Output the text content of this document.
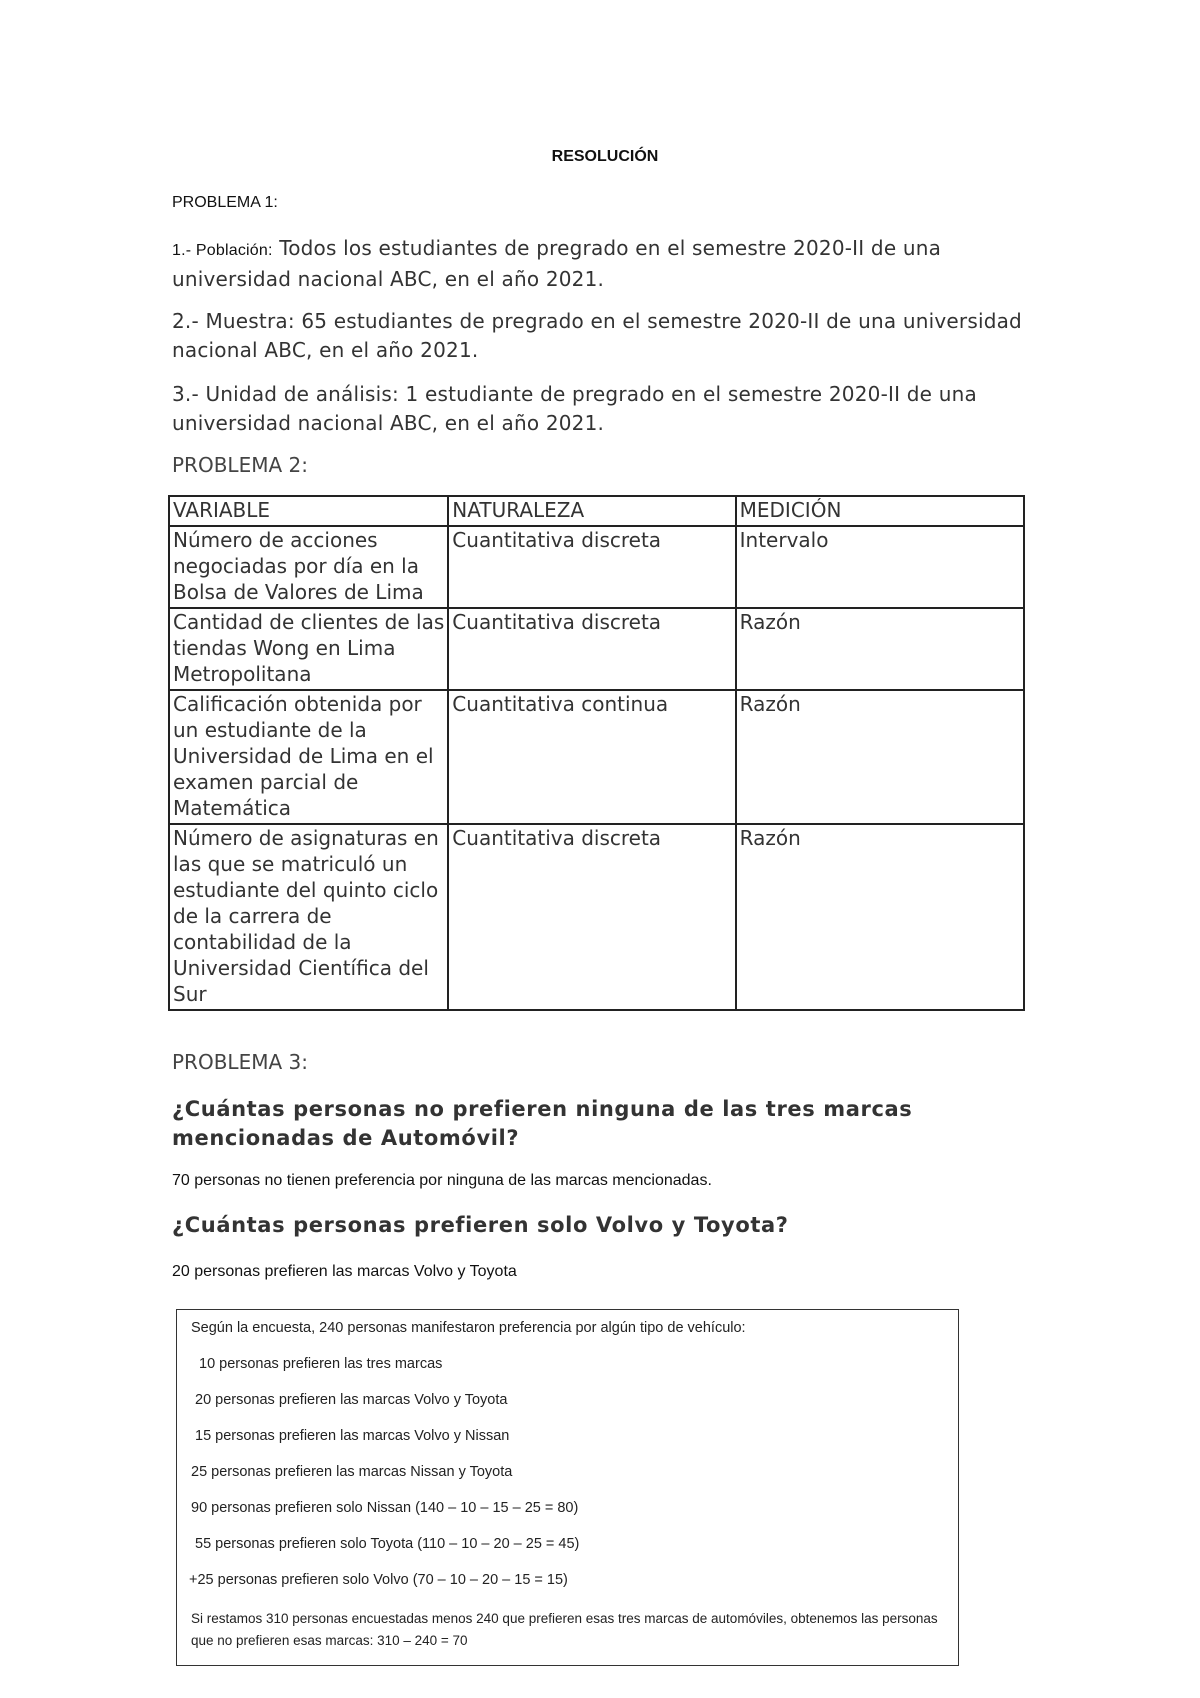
RESOLUCIÓN
PROBLEMA 1:
1.- Población: Todos los estudiantes de pregrado en el semestre 2020-II de una universidad nacional ABC, en el año 2021.
2.- Muestra: 65 estudiantes de pregrado en el semestre 2020-II de una universidad nacional ABC, en el año 2021.
3.- Unidad de análisis: 1 estudiante de pregrado en el semestre 2020-II de una universidad nacional ABC, en el año 2021.
PROBLEMA 2:
VARIABLE	NATURALEZA	MEDICIÓN
Número de acciones negociadas por día en la Bolsa de Valores de Lima	Cuantitativa discreta	Intervalo
Cantidad de clientes de las tiendas Wong en Lima Metropolitana	Cuantitativa discreta	Razón
Calificación obtenida por un estudiante de la Universidad de Lima en el examen parcial de Matemática	Cuantitativa continua	Razón
Número de asignaturas en las que se matriculó un estudiante del quinto ciclo de la carrera de contabilidad de la Universidad Científica del Sur	Cuantitativa discreta	Razón
PROBLEMA 3:
¿Cuántas personas no prefieren ninguna de las tres marcas mencionadas de Automóvil?
70 personas no tienen preferencia por ninguna de las marcas mencionadas.
¿Cuántas personas prefieren solo Volvo y Toyota?
20 personas prefieren las marcas Volvo y Toyota
Según la encuesta, 240 personas manifestaron preferencia por algún tipo de vehículo:
10 personas prefieren las tres marcas
20 personas prefieren las marcas Volvo y Toyota
15 personas prefieren las marcas Volvo y Nissan
25 personas prefieren las marcas Nissan y Toyota
90 personas prefieren solo Nissan (140 – 10 – 15 – 25 = 80)
55 personas prefieren solo Toyota (110 – 10 – 20 – 25 = 45)
+25 personas prefieren solo Volvo (70 – 10 – 20 – 15 = 15)
Si restamos 310 personas encuestadas menos 240 que prefieren esas tres marcas de automóviles, obtenemos las personas que no prefieren esas marcas: 310 – 240 = 70
